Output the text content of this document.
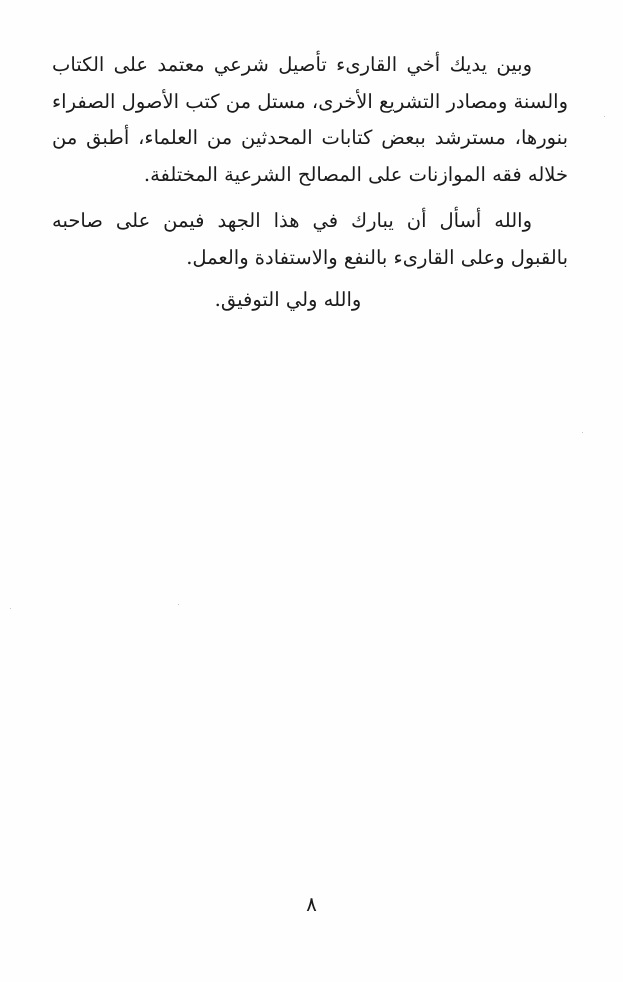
وبين يديك أخي القارىء تأصيل شرعي معتمد على الكتاب والسنة ومصادر التشريع الأخرى، مستل من كتب الأصول الصفراء بنورها، مسترشد ببعض كتابات المحدثين من العلماء، أطبق من خلاله فقه الموازنات على المصالح الشرعية المختلفة.

والله أسأل أن يبارك في هذا الجهد فيمن على صاحبه بالقبول وعلى القارىء بالنفع والاستفادة والعمل.

والله ولي التوفيق.

٨
